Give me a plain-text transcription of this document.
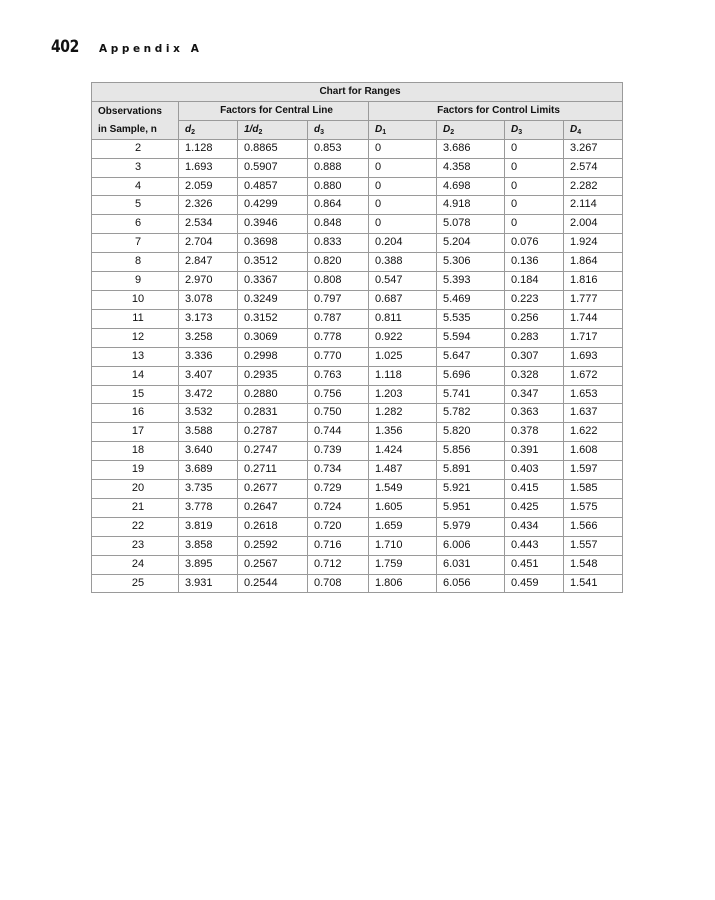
402 Appendix A
Chart for Ranges							
Observations
in Sample, n	Factors for Central Line			Factors for Control Limits			
	$d_2$	$1/d_2$	$d_3$	$D_1$	$D_2$	$D_3$	$D_4$
2	1.128	0.8865	0.853	0	3.686	0	3.267
3	1.693	0.5907	0.888	0	4.358	0	2.574
4	2.059	0.4857	0.880	0	4.698	0	2.282
5	2.326	0.4299	0.864	0	4.918	0	2.114
6	2.534	0.3946	0.848	0	5.078	0	2.004
7	2.704	0.3698	0.833	0.204	5.204	0.076	1.924
8	2.847	0.3512	0.820	0.388	5.306	0.136	1.864
9	2.970	0.3367	0.808	0.547	5.393	0.184	1.816
10	3.078	0.3249	0.797	0.687	5.469	0.223	1.777
11	3.173	0.3152	0.787	0.811	5.535	0.256	1.744
12	3.258	0.3069	0.778	0.922	5.594	0.283	1.717
13	3.336	0.2998	0.770	1.025	5.647	0.307	1.693
14	3.407	0.2935	0.763	1.118	5.696	0.328	1.672
15	3.472	0.2880	0.756	1.203	5.741	0.347	1.653
16	3.532	0.2831	0.750	1.282	5.782	0.363	1.637
17	3.588	0.2787	0.744	1.356	5.820	0.378	1.622
18	3.640	0.2747	0.739	1.424	5.856	0.391	1.608
19	3.689	0.2711	0.734	1.487	5.891	0.403	1.597
20	3.735	0.2677	0.729	1.549	5.921	0.415	1.585
21	3.778	0.2647	0.724	1.605	5.951	0.425	1.575
22	3.819	0.2618	0.720	1.659	5.979	0.434	1.566
23	3.858	0.2592	0.716	1.710	6.006	0.443	1.557
24	3.895	0.2567	0.712	1.759	6.031	0.451	1.548
25	3.931	0.2544	0.708	1.806	6.056	0.459	1.541
